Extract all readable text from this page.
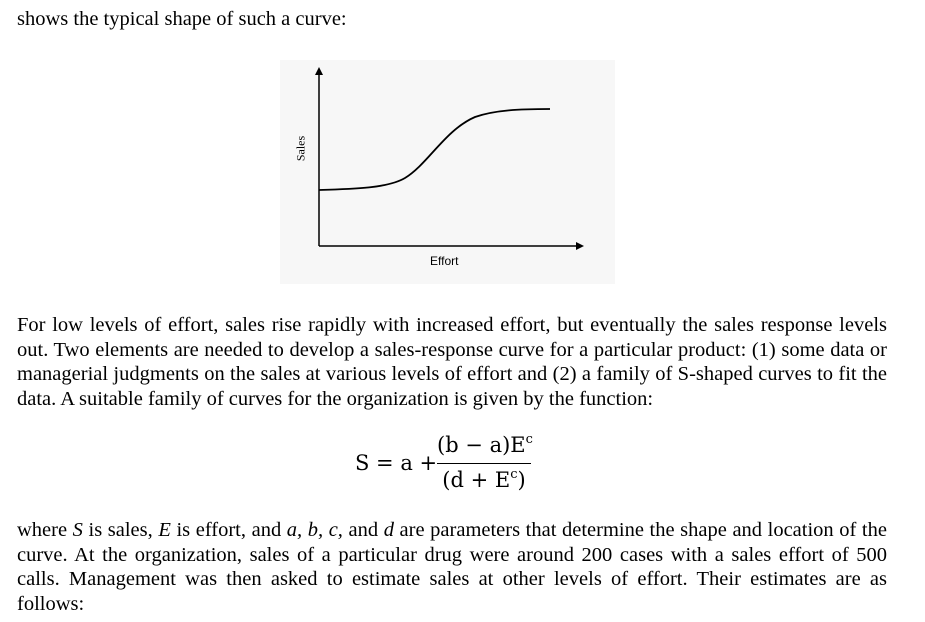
shows the typical shape of such a curve:

Sales
Effort

For low levels of effort, sales rise rapidly with increased effort, but eventually the sales response levels out. Two elements are needed to develop a sales-response curve for a particular product: (1) some data or managerial judgments on the sales at various levels of effort and (2) a family of S-shaped curves to fit the data. A suitable family of curves for the organization is given by the function:

S = a +
$(b - a)E^c$
$(d + E^c)$

where S is sales, E is effort, and a, b, c, and d are parameters that determine the shape and location of the curve. At the organization, sales of a particular drug were around 200 cases with a sales effort of 500 calls. Management was then asked to estimate sales at other levels of effort. Their estimates are as follows:
